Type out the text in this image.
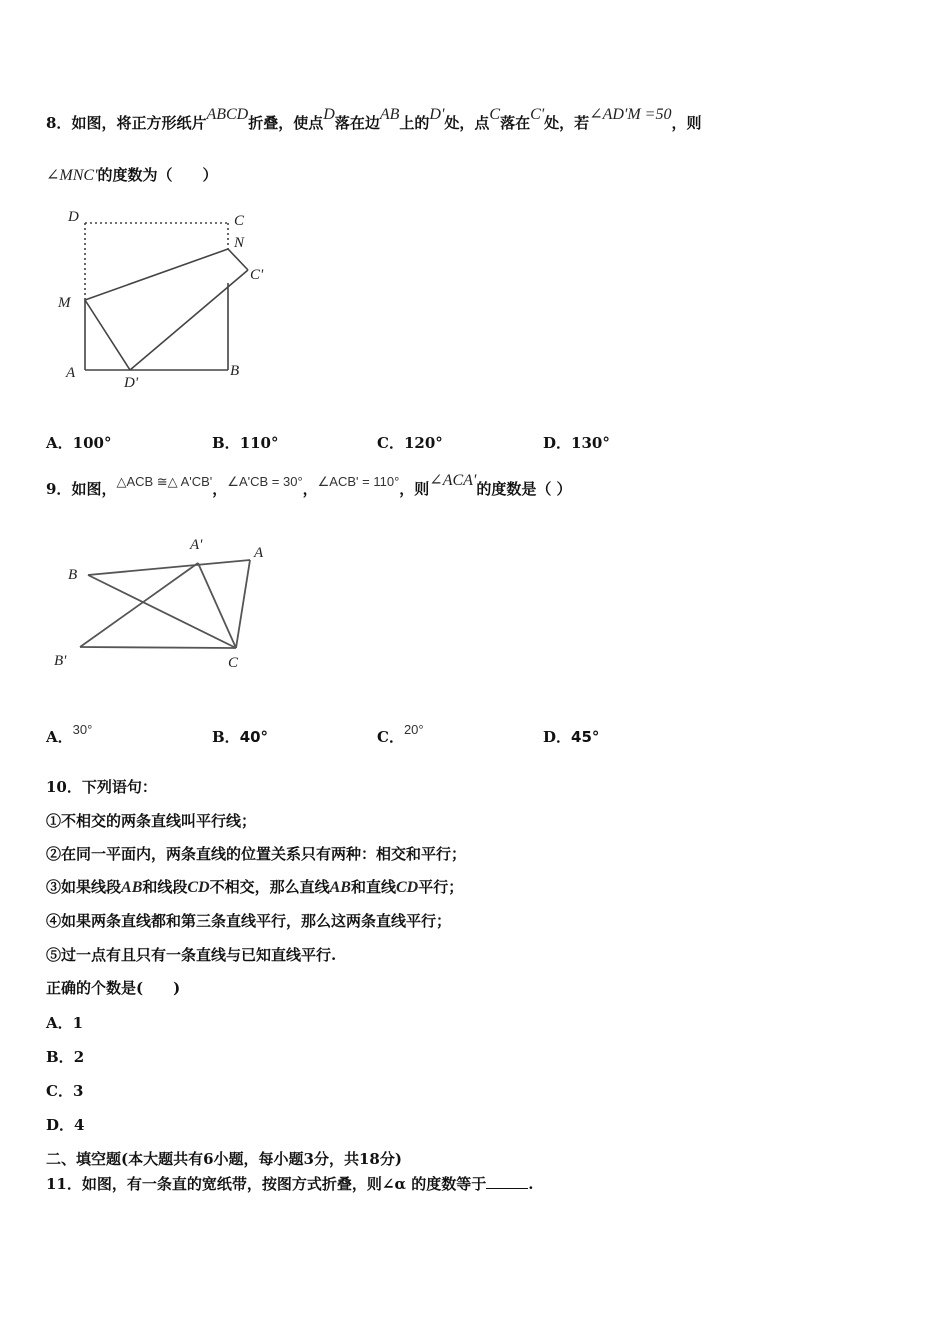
8．如图，将正方形纸片ABCD折叠，使点D落在边AB上的D'处，点C落在C'处，若∠AD'M =50，则
∠MNC'的度数为（　　）
D	C
N
C'
M
A
D'
B
A．100°	B．110°	C．120°	D．130°
9．如图，△ACB ≅△ A'CB'，∠A'CB = 30°，∠ACB' = 110°，则∠ACA'的度数是（ ）
A'	A
B
B'	C
A．30°	B．40°	C．20°	D．45°
10．下列语句：
①不相交的两条直线叫平行线；
②在同一平面内，两条直线的位置关系只有两种：相交和平行；
③如果线段AB和线段CD不相交，那么直线AB和直线CD平行；
④如果两条直线都和第三条直线平行，那么这两条直线平行；
⑤过一点有且只有一条直线与已知直线平行.
正确的个数是(　　)
A．1
B．2
C．3
D．4
二、填空题(本大题共有6小题，每小题3分，共18分)
11．如图，有一条直的宽纸带，按图方式折叠，则∠α 的度数等于	.
